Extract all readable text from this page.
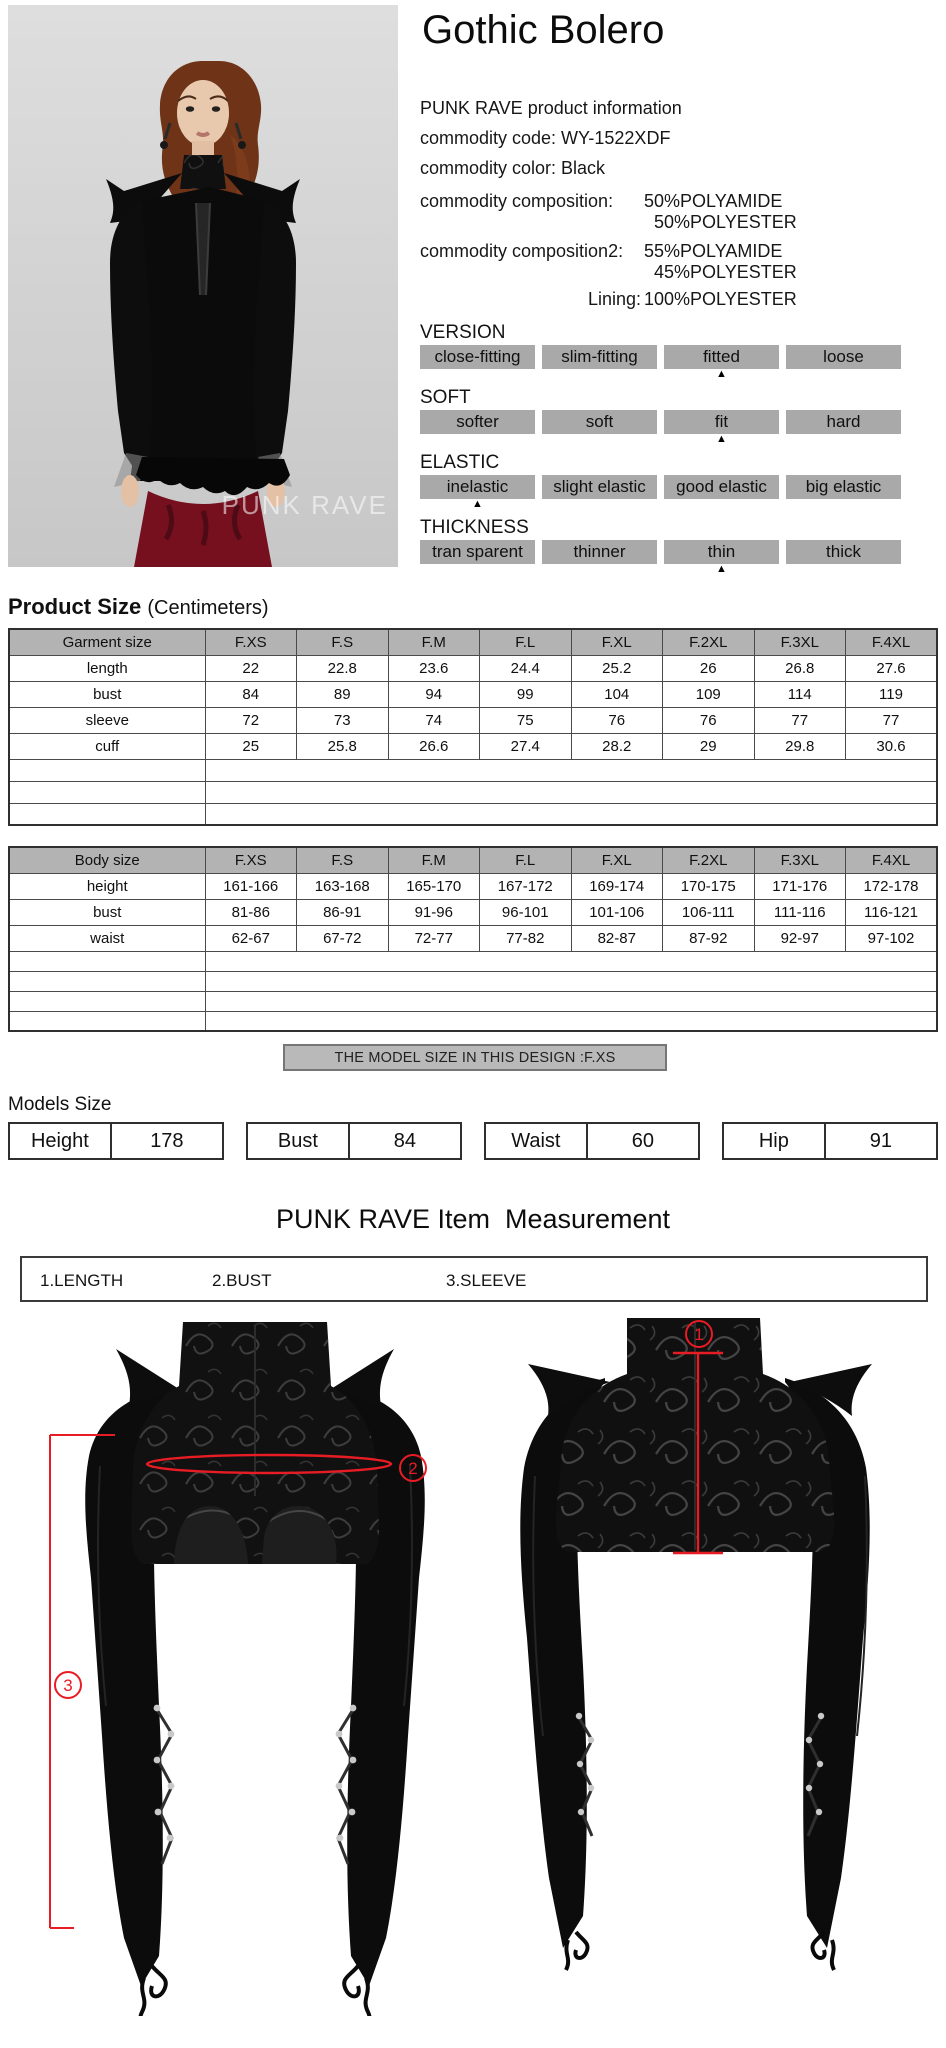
PUNK RAVE
Gothic Bolero
PUNK RAVE product information
commodity code: WY-1522XDF
commodity color: Black
commodity composition:	50%POLYAMIDE
50%POLYESTER
commodity composition2:	55%POLYAMIDE
45%POLYESTER
Lining: 100%POLYESTER
VERSION
close-fitting	slim-fitting	fitted	loose
▲
SOFT
softer	soft	fit	hard
▲
ELASTIC
inelastic	slight elastic	good elastic	big elastic
▲
THICKNESS
tran sparent	thinner	thin	thick
▲
Product Size (Centimeters)
Garment size	F.XS	F.S	F.M	F.L	F.XL	F.2XL	F.3XL	F.4XL
length	22	22.8	23.6	24.4	25.2	26	26.8	27.6
bust	84	89	94	99	104	109	114	119
sleeve	72	73	74	75	76	76	77	77
cuff	25	25.8	26.6	27.4	28.2	29	29.8	30.6

Body size	F.XS	F.S	F.M	F.L	F.XL	F.2XL	F.3XL	F.4XL
height	161-166	163-168	165-170	167-172	169-174	170-175	171-176	172-178
bust	81-86	86-91	91-96	96-101	101-106	106-111	111-116	116-121
waist	62-67	67-72	72-77	77-82	82-87	87-92	92-97	97-102

THE MODEL SIZE IN THIS DESIGN :F.XS
Models Size
Height	178	Bust	84	Waist	60	Hip	91
PUNK RAVE Item  Measurement
1.LENGTH	2.BUST	3.SLEEVE
3
2
1
